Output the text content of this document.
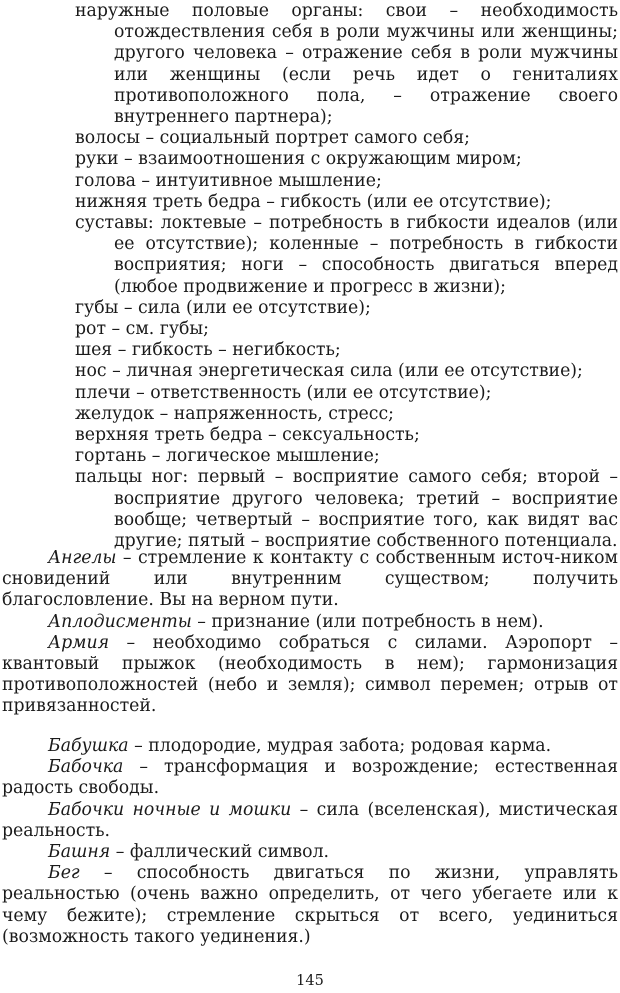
наружные половые органы: свои – необходимость отождествления себя в роли мужчины или женщины; другого человека – отражение себя в роли мужчины или женщины (если речь идет о гениталиях противоположного пола, – отражение своего внутреннего партнера);

волосы – социальный портрет самого себя;

руки – взаимоотношения с окружающим миром;

голова – интуитивное мышление;

нижняя треть бедра – гибкость (или ее отсутствие);

суставы: локтевые – потребность в гибкости идеалов (или ее отсутствие); коленные – потребность в гибкости восприятия; ноги – способность двигаться вперед (любое продвижение и прогресс в жизни);

губы – сила (или ее отсутствие);

рот – см. губы;

шея – гибкость – негибкость;

нос – личная энергетическая сила (или ее отсутствие);

плечи – ответственность (или ее отсутствие);

желудок – напряженность, стресс;

верхняя треть бедра – сексуальность;

гортань – логическое мышление;

пальцы ног: первый – восприятие самого себя; второй – восприятие другого человека; третий – восприятие вообще; четвертый – восприятие того, как видят вас другие; пятый – восприятие собственного потенциала.

Ангелы – стремление к контакту с собственным источ-ником сновидений или внутренним существом; получить благословление. Вы на верном пути.

Аплодисменты – признание (или потребность в нем).

Армия – необходимо собраться с силами. Аэропорт – квантовый прыжок (необходимость в нем); гармонизация противоположностей (небо и земля); символ перемен; отрыв от привязанностей.

Бабушка – плодородие, мудрая забота; родовая карма.

Бабочка – трансформация и возрождение; естественная радость свободы.

Бабочки ночные и мошки – сила (вселенская), мистическая реальность.

Башня – фаллический символ.

Бег – способность двигаться по жизни, управлять реальностью (очень важно определить, от чего убегаете или к чему бежите); стремление скрыться от всего, уединиться (возможность такого уединения.)

145
